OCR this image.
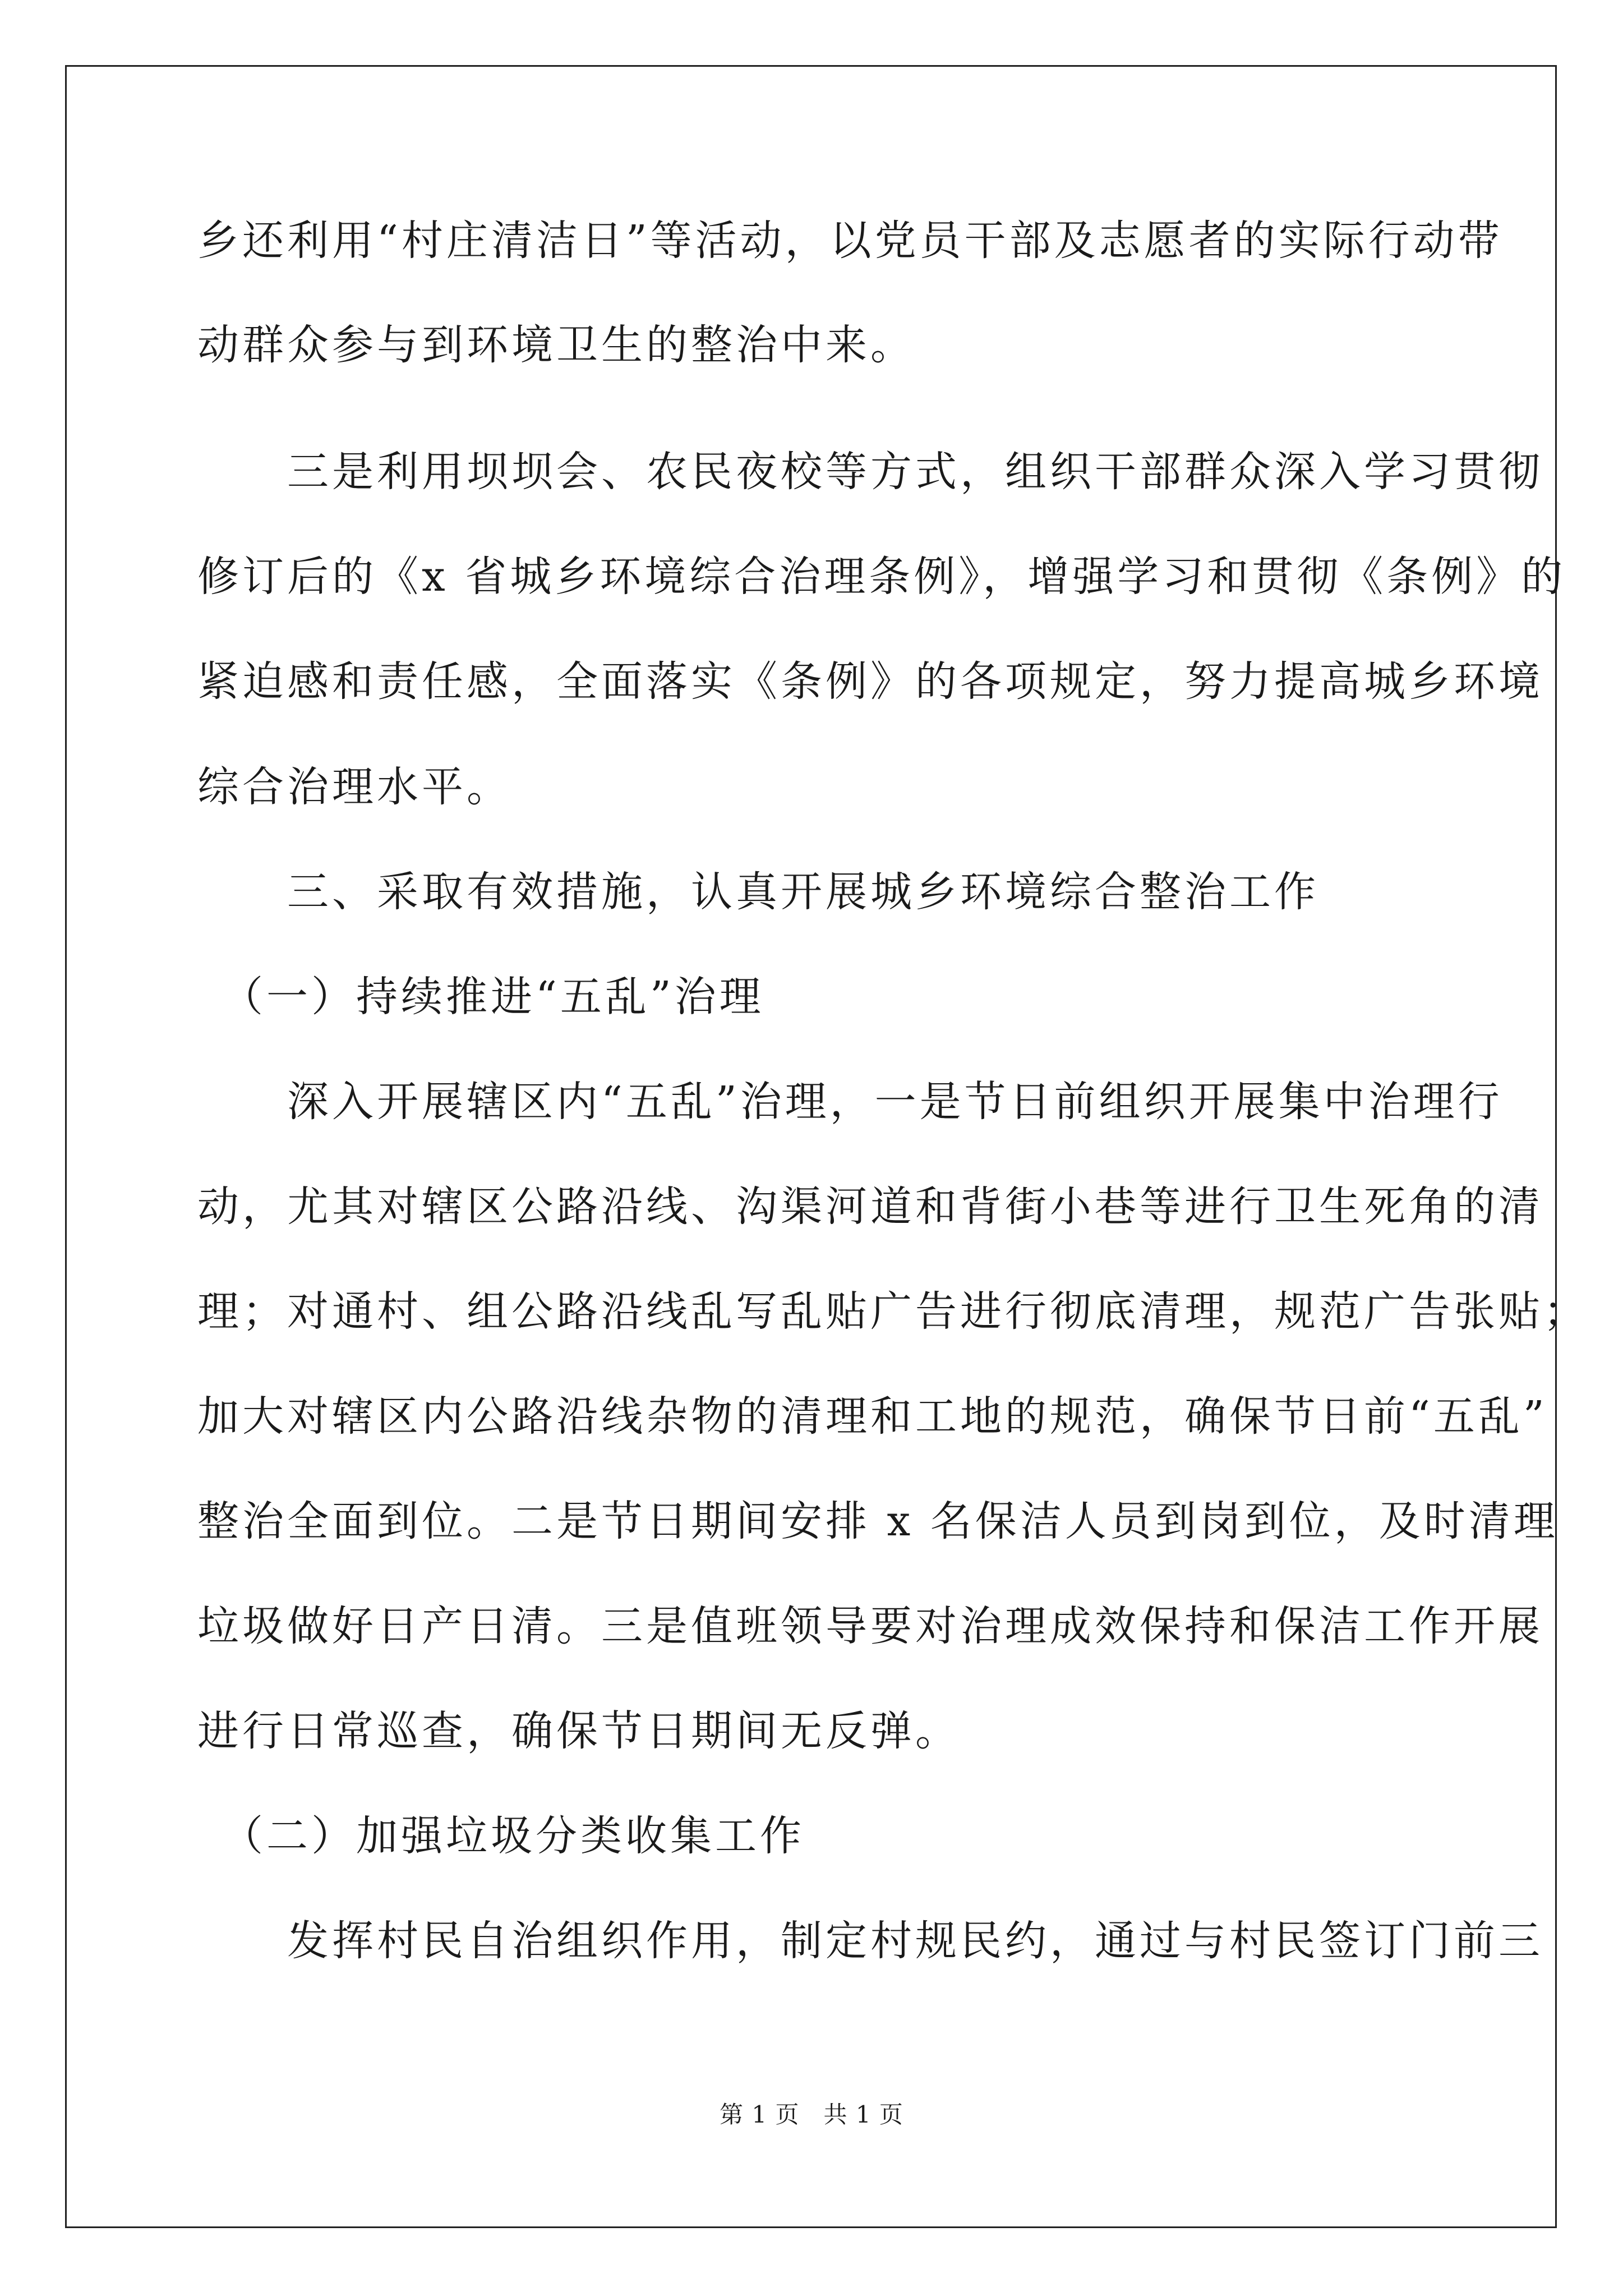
乡还利用“村庄清洁日”等活动，以党员干部及志愿者的实际行动带
动群众参与到环境卫生的整治中来。
　　三是利用坝坝会、农民夜校等方式，组织干部群众深入学习贯彻
修订后的《x 省城乡环境综合治理条例》，增强学习和贯彻《条例》的
紧迫感和责任感，全面落实《条例》的各项规定，努力提高城乡环境
综合治理水平。
　　三、采取有效措施，认真开展城乡环境综合整治工作
　（一）持续推进“五乱”治理
　　深入开展辖区内“五乱”治理，一是节日前组织开展集中治理行
动，尤其对辖区公路沿线、沟渠河道和背街小巷等进行卫生死角的清
理；对通村、组公路沿线乱写乱贴广告进行彻底清理，规范广告张贴；
加大对辖区内公路沿线杂物的清理和工地的规范，确保节日前“五乱”
整治全面到位。二是节日期间安排 x 名保洁人员到岗到位，及时清理
垃圾做好日产日清。三是值班领导要对治理成效保持和保洁工作开展
进行日常巡查，确保节日期间无反弹。
　（二）加强垃圾分类收集工作
　　发挥村民自治组织作用，制定村规民约，通过与村民签订门前三
第 1 页　共 1 页
